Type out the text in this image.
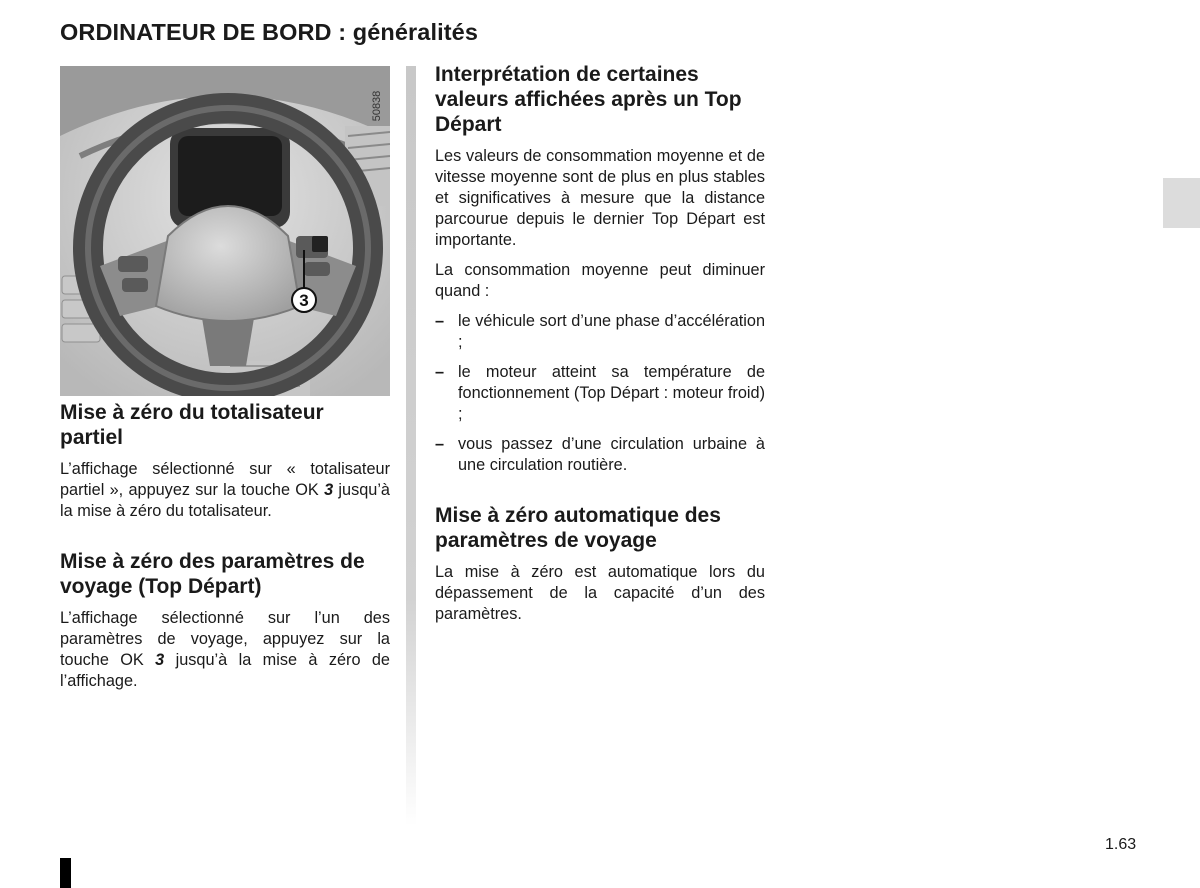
ORDINATEUR DE BORD : généralités
3
50838
Mise à zéro du totalisateur partiel

L’affichage sélectionné sur « totalisateur partiel », appuyez sur la touche OK 3 jusqu’à la mise à zéro du totalisateur.

Mise à zéro des paramètres de voyage (Top Départ)

L’affichage sélectionné sur l’un des paramètres de voyage, appuyez sur la touche OK 3 jusqu’à la mise à zéro de l’affichage.

Interprétation de certaines valeurs affichées après un Top Départ

Les valeurs de consommation moyenne et de vitesse moyenne sont de plus en plus stables et significatives à mesure que la distance parcourue depuis le dernier Top Départ est importante.

La consommation moyenne peut diminuer quand :

– le véhicule sort d’une phase d’accélération ;
– le moteur atteint sa température de fonctionnement (Top Départ : moteur froid) ;
– vous passez d’une circulation urbaine à une circulation routière.
Mise à zéro automatique des paramètres de voyage

La mise à zéro est automatique lors du dépassement de la capacité d’un des paramètres.

1.63
